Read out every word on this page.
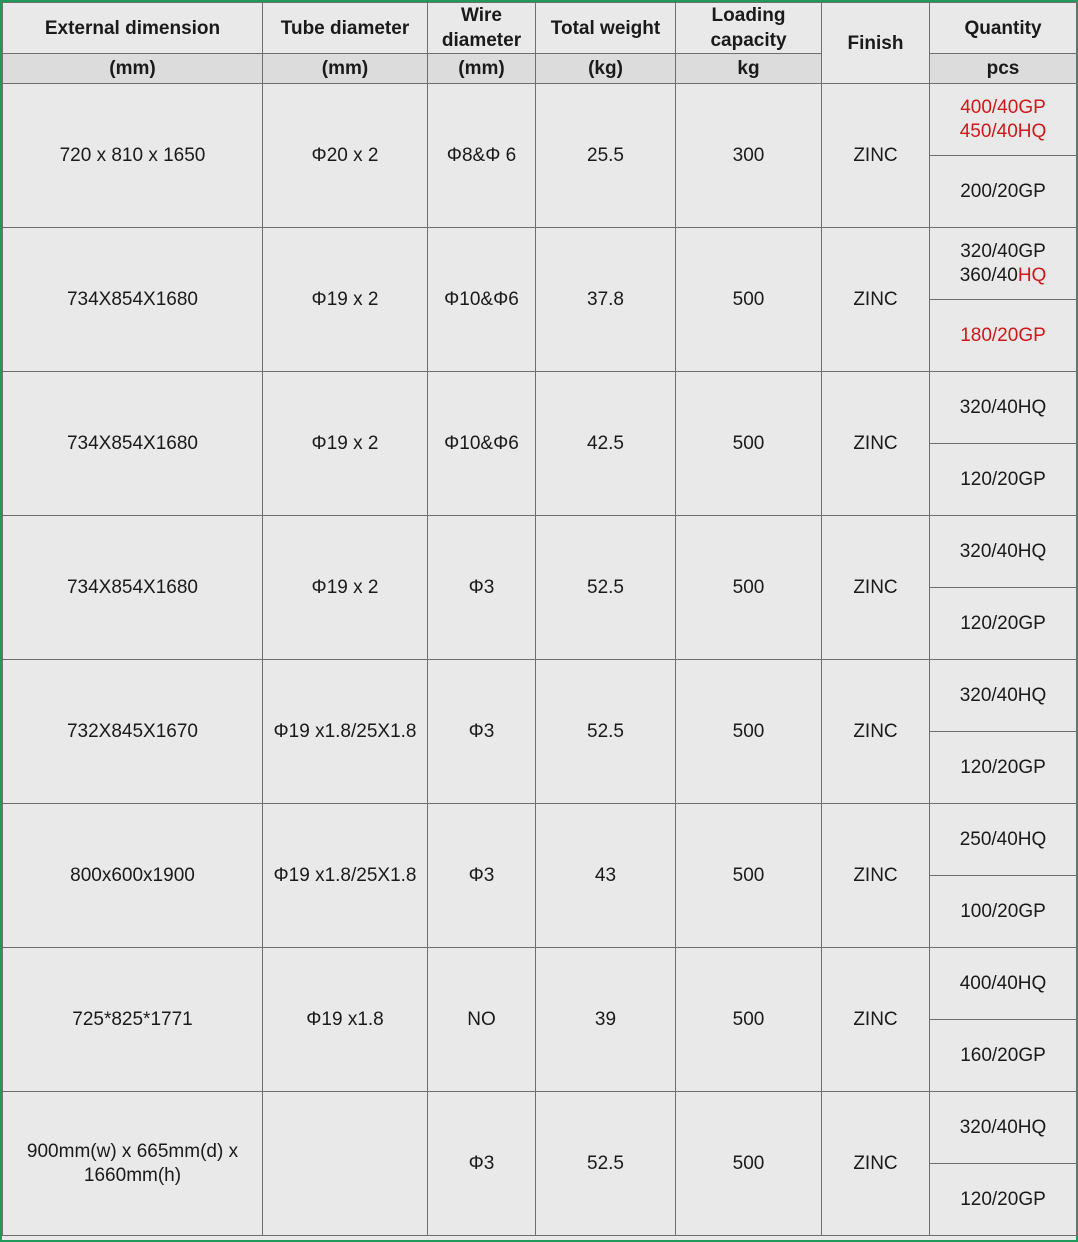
External dimension	Tube diameter	Wire diameter	Total weight	Loading capacity	Finish	Quantity
(mm)	(mm)	(mm)	(kg)	kg		pcs
720 x 810 x 1650	Φ20 x 2	Φ8&Φ 6	25.5	300	ZINC	400/40GP
450/40HQ

						200/20GP
734X854X1680	Φ19 x 2	Φ10&Φ6	37.8	500	ZINC	320/40GP
360/40HQ

						180/20GP
734X854X1680	Φ19 x 2	Φ10&Φ6	42.5	500	ZINC	320/40HQ
						120/20GP
734X854X1680	Φ19 x 2	Φ3	52.5	500	ZINC	320/40HQ
						120/20GP
732X845X1670	Φ19 x1.8/25X1.8	Φ3	52.5	500	ZINC	320/40HQ
						120/20GP
800x600x1900	Φ19 x1.8/25X1.8	Φ3	43	500	ZINC	250/40HQ
						100/20GP
725*825*1771	Φ19 x1.8	NO	39	500	ZINC	400/40HQ
						160/20GP

900mm(w) x 665mm(d) x
1660mm(h)		Φ3	52.5	500	ZINC	320/40HQ
						120/20GP
